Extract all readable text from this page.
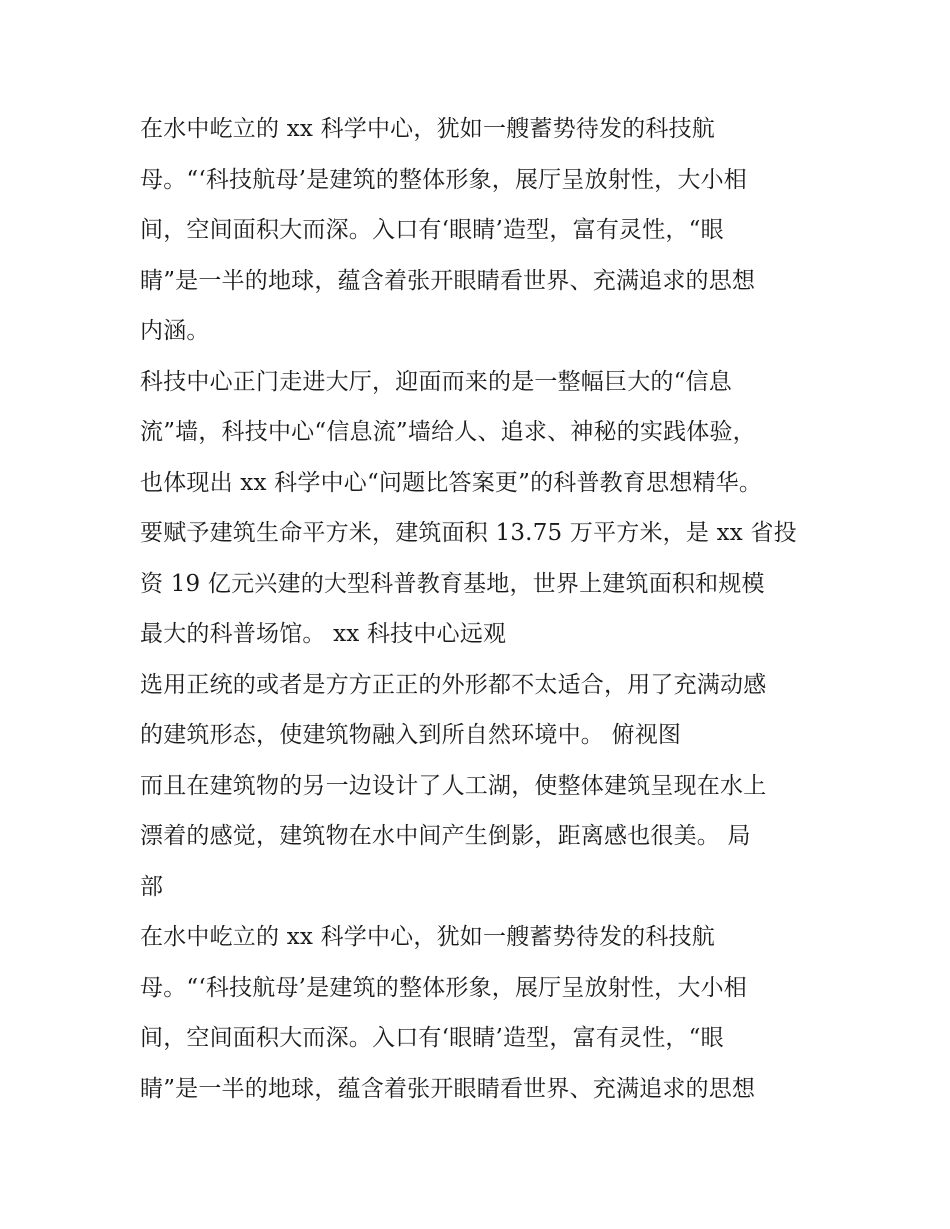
在水中屹立的 xx 科学中心，犹如一艘蓄势待发的科技航
母。“‘科技航母’是建筑的整体形象，展厅呈放射性，大小相
间，空间面积大而深。入口有‘眼睛’造型，富有灵性，“眼
睛”是一半的地球，蕴含着张开眼睛看世界、充满追求的思想
内涵。
科技中心正门走进大厅，迎面而来的是一整幅巨大的“信息
流”墙，科技中心“信息流”墙给人、追求、神秘的实践体验，
也体现出 xx 科学中心“问题比答案更”的科普教育思想精华。
要赋予建筑生命平方米，建筑面积 13.75 万平方米，是 xx 省投
资 19 亿元兴建的大型科普教育基地，世界上建筑面积和规模
最大的科普场馆。 xx 科技中心远观
选用正统的或者是方方正正的外形都不太适合，用了充满动感
的建筑形态，使建筑物融入到所自然环境中。 俯视图
而且在建筑物的另一边设计了人工湖，使整体建筑呈现在水上
漂着的感觉，建筑物在水中间产生倒影，距离感也很美。 局
部
在水中屹立的 xx 科学中心，犹如一艘蓄势待发的科技航
母。“‘科技航母’是建筑的整体形象，展厅呈放射性，大小相
间，空间面积大而深。入口有‘眼睛’造型，富有灵性，“眼
睛”是一半的地球，蕴含着张开眼睛看世界、充满追求的思想
